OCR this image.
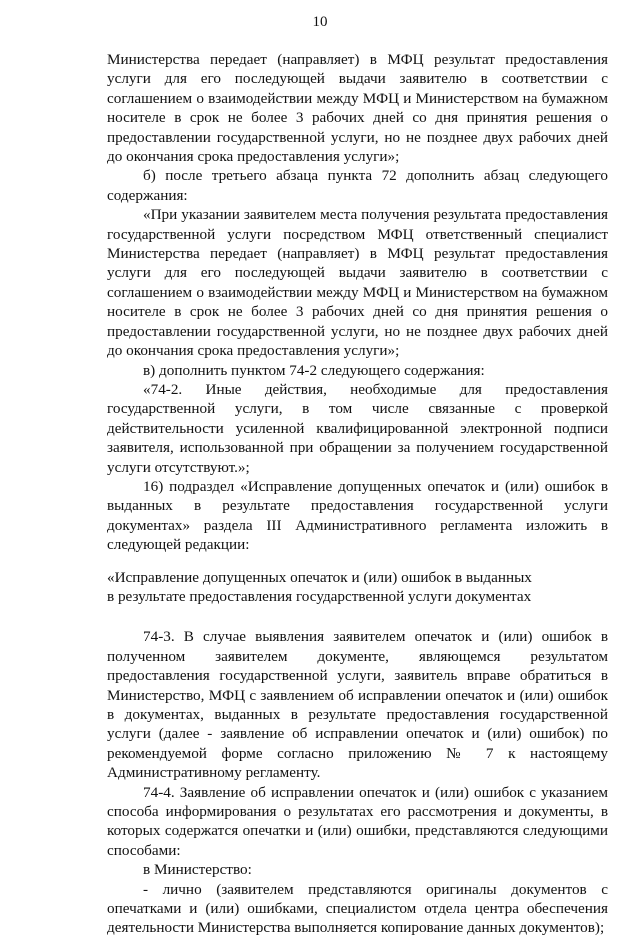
10

Министерства передает (направляет) в МФЦ результат предоставления услуги для его последующей выдачи заявителю в соответствии с соглашением о взаимодействии между МФЦ и Министерством на бумажном носителе в срок не более 3 рабочих дней со дня принятия решения о предоставлении государственной услуги, но не позднее двух рабочих дней до окончания срока предоставления услуги»;

б) после третьего абзаца пункта 72 дополнить абзац следующего содержания:

«При указании заявителем места получения результата предоставления государственной услуги посредством МФЦ ответственный специалист Министерства передает (направляет) в МФЦ результат предоставления услуги для его последующей выдачи заявителю в соответствии с соглашением о взаимодействии между МФЦ и Министерством на бумажном носителе в срок не более 3 рабочих дней со дня принятия решения о предоставлении государственной услуги, но не позднее двух рабочих дней до окончания срока предоставления услуги»;

в) дополнить пунктом 74-2 следующего содержания:

«74-2. Иные действия, необходимые для предоставления государственной услуги, в том числе связанные с проверкой действительности усиленной квалифицированной электронной подписи заявителя, использованной при обращении за получением государственной услуги отсутствуют.»;

16) подраздел «Исправление допущенных опечаток и (или) ошибок в выданных в результате предоставления государственной услуги документах» раздела III Административного регламента изложить в следующей редакции:

«Исправление допущенных опечаток и (или) ошибок в выданных

в результате предоставления государственной услуги документах

74-3. В случае выявления заявителем опечаток и (или) ошибок в полученном заявителем документе, являющемся результатом предоставления государственной услуги, заявитель вправе обратиться в Министерство, МФЦ с заявлением об исправлении опечаток и (или) ошибок в документах, выданных в результате предоставления государственной услуги (далее - заявление об исправлении опечаток и (или) ошибок) по рекомендуемой форме согласно приложению № 7 к настоящему Административному регламенту.

74-4. Заявление об исправлении опечаток и (или) ошибок с указанием способа информирования о результатах его рассмотрения и документы, в которых содержатся опечатки и (или) ошибки, представляются следующими способами:

в Министерство:

- лично (заявителем представляются оригиналы документов с опечатками и (или) ошибками, специалистом отдела центра обеспечения деятельности Министерства выполняется копирование данных документов);
